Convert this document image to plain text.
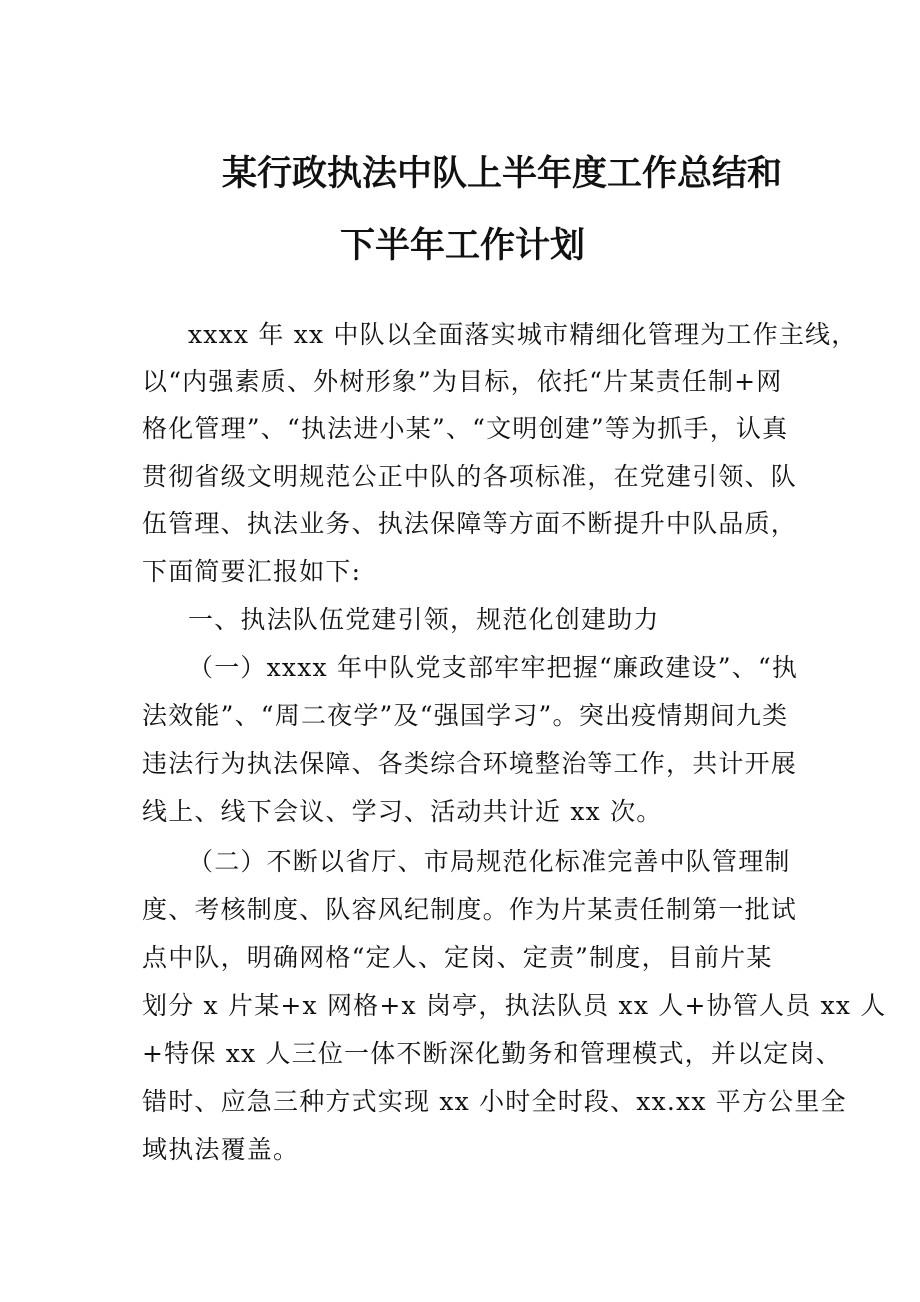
某行政执法中队上半年度工作总结和
下半年工作计划
xxxx 年 xx 中队以全面落实城市精细化管理为工作主线，
以“内强素质、外树形象”为目标，依托“片某责任制+网
格化管理”、“执法进小某”、“文明创建”等为抓手，认真
贯彻省级文明规范公正中队的各项标准，在党建引领、队
伍管理、执法业务、执法保障等方面不断提升中队品质，
下面简要汇报如下:
一、执法队伍党建引领，规范化创建助力
（一）xxxx 年中队党支部牢牢把握“廉政建设”、“执
法效能”、“周二夜学”及“强国学习”。突出疫情期间九类
违法行为执法保障、各类综合环境整治等工作，共计开展
线上、线下会议、学习、活动共计近 xx 次。
（二）不断以省厅、市局规范化标准完善中队管理制
度、考核制度、队容风纪制度。作为片某责任制第一批试
点中队，明确网格“定人、定岗、定责”制度，目前片某
划分 x 片某+x 网格+x 岗亭，执法队员 xx 人+协管人员 xx 人
+特保 xx 人三位一体不断深化勤务和管理模式，并以定岗、
错时、应急三种方式实现 xx 小时全时段、xx.xx 平方公里全
域执法覆盖。
